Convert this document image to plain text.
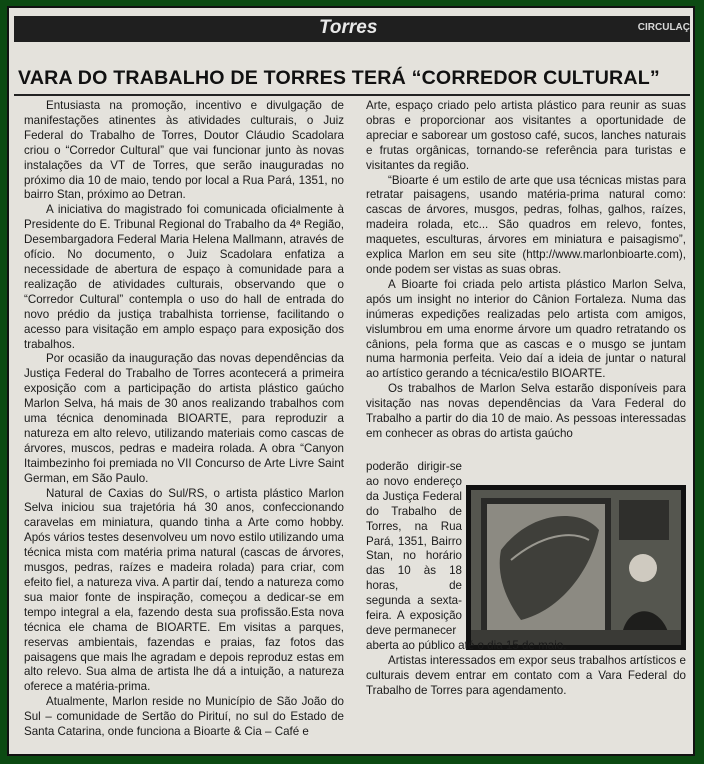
Torres	CIRCULAÇ
VARA DO TRABALHO DE TORRES TERÁ “CORREDOR CULTURAL”

Entusiasta na promoção, incentivo e divulgação de manifestações atinentes às atividades culturais, o Juiz Federal do Trabalho de Torres, Doutor Cláudio Scadolara criou o “Corredor Cultural” que vai funcionar junto às novas instalações da VT de Torres, que serão inauguradas no próximo dia 10 de maio, tendo por local a Rua Pará, 1351, no bairro Stan, próximo ao Detran.

A iniciativa do magistrado foi comunicada oficialmente à Presidente do E. Tribunal Regional do Trabalho da 4ª Região, Desembargadora Federal Maria Helena Mallmann, através de ofício. No documento, o Juiz Scadolara enfatiza a necessidade de abertura de espaço à comunidade para a realização de atividades culturais, observando que o “Corredor Cultural” contempla o uso do hall de entrada do novo prédio da justiça trabalhista torriense, facilitando o acesso para visitação em amplo espaço para exposição dos trabalhos.

Por ocasião da inauguração das novas dependências da Justiça Federal do Trabalho de Torres acontecerá a primeira exposição com a participação do artista plástico gaúcho Marlon Selva, há mais de 30 anos realizando trabalhos com uma técnica denominada BIOARTE, para reproduzir a natureza em alto relevo, utilizando materiais como cascas de árvores, muscos, pedras e madeira rolada. A obra “Canyon Itaimbezinho foi premiada no VII Concurso de Arte Livre Saint German, em São Paulo.

Natural de Caxias do Sul/RS, o artista plástico Marlon Selva iniciou sua trajetória há 30 anos, confeccionando caravelas em miniatura, quando tinha a Arte como hobby. Após vários testes desenvolveu um novo estilo utilizando uma técnica mista com matéria prima natural (cascas de árvores, musgos, pedras, raízes e madeira rolada) para criar, com efeito fiel, a natureza viva. A partir daí, tendo a natureza como sua maior fonte de inspiração, começou a dedicar-se em tempo integral a ela, fazendo desta sua profissão.Esta nova técnica ele chama de BIOARTE. Em visitas a parques, reservas ambientais, fazendas e praias, faz fotos das paisagens que mais lhe agradam e depois reproduz estas em alto relevo. Sua alma de artista lhe dá a intuição, a natureza oferece a matéria-prima.

Atualmente, Marlon reside no Município de São João do Sul – comunidade de Sertão do Pirituí, no sul do Estado de Santa Catarina, onde funciona a Bioarte & Cia – Café e

Arte, espaço criado pelo artista plástico para reunir as suas obras e proporcionar aos visitantes a oportunidade de apreciar e saborear um gostoso café, sucos, lanches naturais e frutas orgânicas, tornando-se referência para turistas e visitantes da região.

“Bioarte é um estilo de arte que usa técnicas mistas para retratar paisagens, usando matéria-prima natural como: cascas de árvores, musgos, pedras, folhas, galhos, raízes, madeira rolada, etc... São quadros em relevo, fontes, maquetes, esculturas, árvores em miniatura e paisagismo”, explica Marlon em seu site (http://www.marlonbioarte.com), onde podem ser vistas as suas obras.

A Bioarte foi criada pelo artista plástico Marlon Selva, após um insight no interior do Cânion Fortaleza. Numa das inúmeras expedições realizadas pelo artista com amigos, vislumbrou em uma enorme árvore um quadro retratando os cânions, pela forma que as cascas e o musgo se juntam numa harmonia perfeita. Veio daí a ideia de juntar o natural ao artístico gerando a técnica/estilo BIOARTE.

Os trabalhos de Marlon Selva estarão disponíveis para visitação nas novas dependências da Vara Federal do Trabalho a partir do dia 10 de maio. As pessoas interessadas em conhecer as obras do artista gaúcho

poderão dirigir-se ao novo endereço da Justiça Federal do Trabalho de Torres, na Rua Pará, 1351, Bairro Stan, no horário das 10 às 18 horas, de segunda a sexta-feira. A exposição deve permanecer

aberta ao público até o dia 15 de maio.

Artistas interessados em expor seus trabalhos artísticos e culturais devem entrar em contato com a Vara Federal do Trabalho de Torres para agendamento.
